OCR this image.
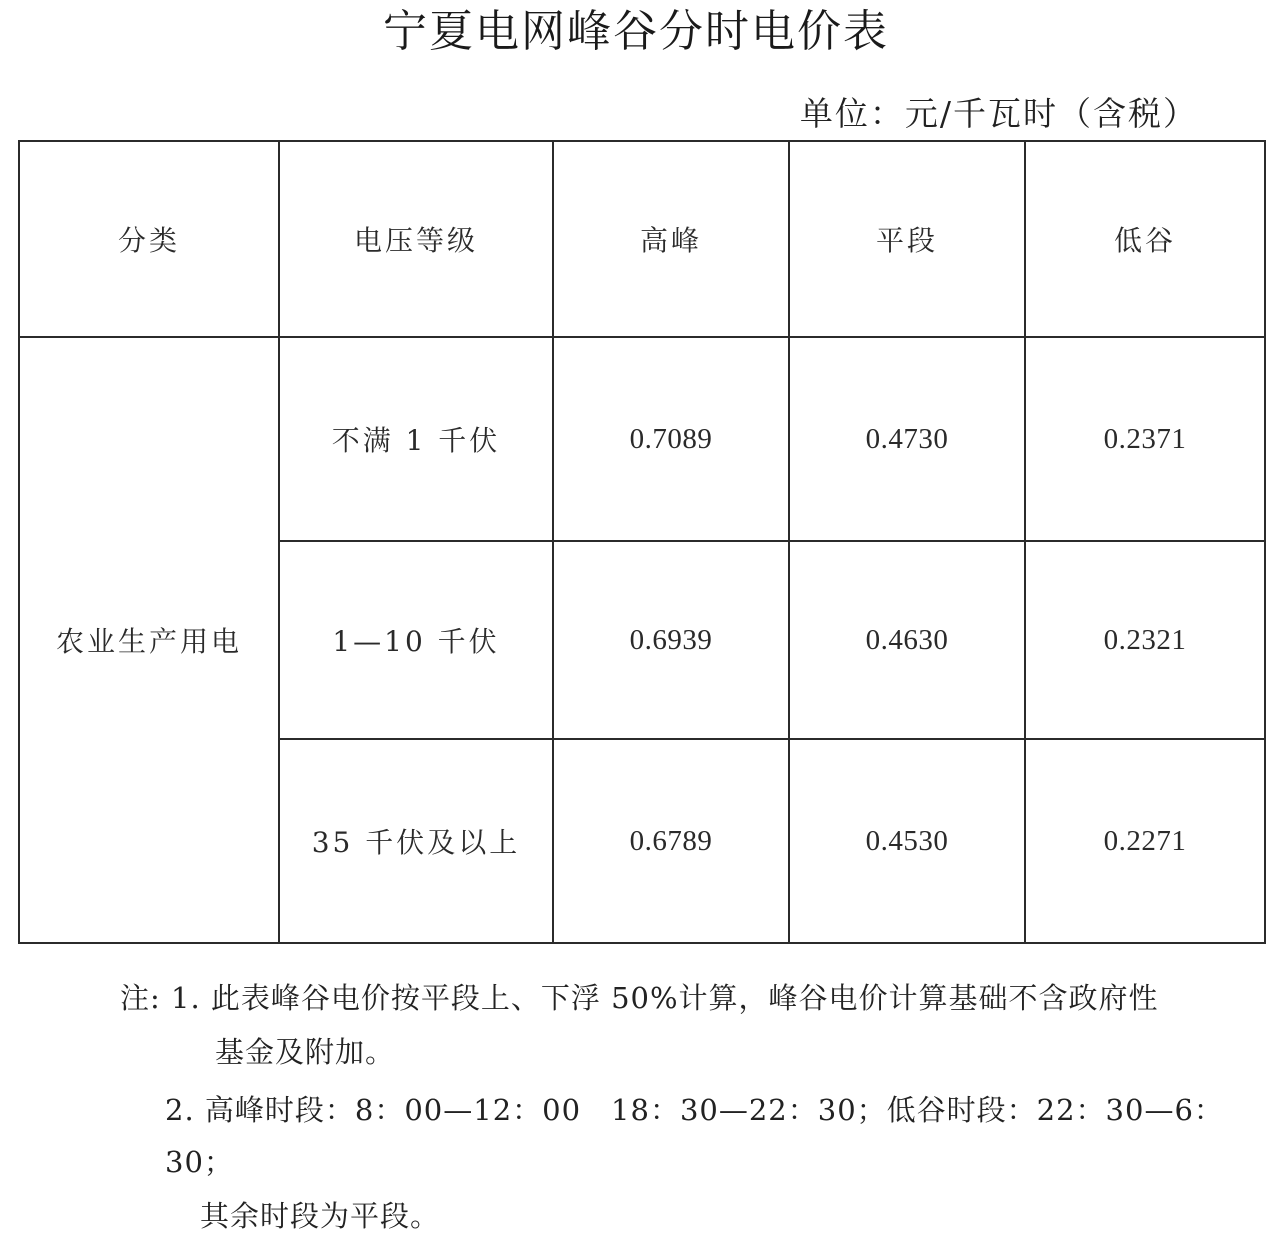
宁夏电网峰谷分时电价表
单位：元/千瓦时（含税）
分类	电压等级	高峰	平段	低谷
农业生产用电	不满 1 千伏	0.7089	0.4730	0.2371
	1—10 千伏	0.6939	0.4630	0.2321
	35 千伏及以上	0.6789	0.4530	0.2271
注: 1. 此表峰谷电价按平段上、下浮 50%计算，峰谷电价计算基础不含政府性
基金及附加。
2. 高峰时段：8：00—12：00　18：30—22：30；低谷时段：22：30—6：
30；
其余时段为平段。
